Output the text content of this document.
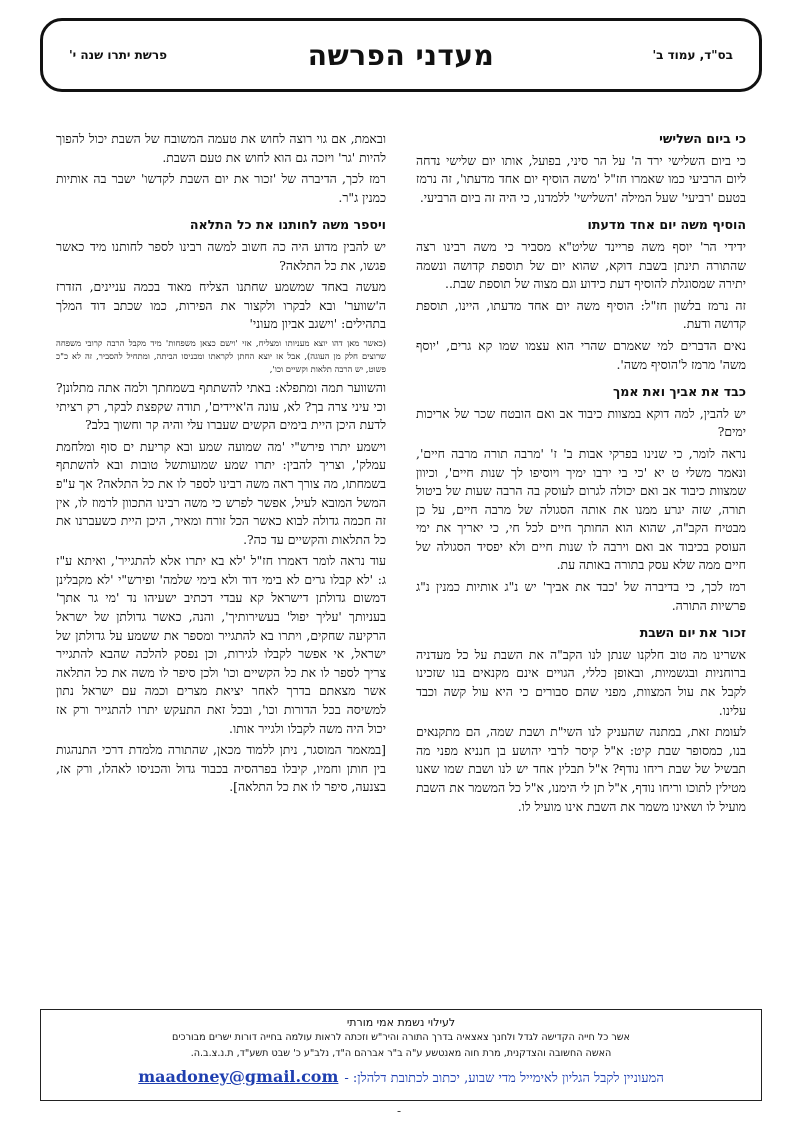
בס"ד, עמוד ב'
מעדני הפרשה
פרשת יתרו שנה י'
כי ביום השלישי

כי ביום השלישי ירד ה' על הר סיני, בפועל, אותו יום שלישי נדחה ליום הרביעי כמו שאמרו חז"ל 'משה הוסיף יום אחד מדעתו', זה נרמז בטעם 'רביעי' שעל המילה 'השלישי' ללמדנו, כי היה זה ביום הרביעי.

הוסיף משה יום אחד מדעתו

ידידי הר' יוסף משה פריינד שליט"א מסביר כי משה רבינו רצה שהתורה תינתן בשבת דוקא, שהוא יום של תוספת קדושה ונשמה יתירה שמסוגלת להוסיף דעת כידוע וגם מצוה של תוספת שבת..

זה נרמז בלשון חז"ל: הוסיף משה יום אחד מדעתו, היינו, תוספת קדושה ודעת.

נאים הדברים למי שאמרם שהרי הוא עצמו שמו קא גרים, 'יוסף משה' מרמז ל'הוסיף משה'.

כבד את אביך ואת אמך

יש להבין, למה דוקא במצוות כיבוד אב ואם הובטח שכר של אריכות ימים?

נראה לומר, כי שנינו בפרקי אבות ב' ז' 'מרבה תורה מרבה חיים', ונאמר משלי ט יא 'כי בי ירבו ימיך ויוסיפו לך שנות חיים', וכיוון שמצוות כיבוד אב ואם יכולה לגרום לעוסק בה הרבה שעות של ביטול תורה, שזה יגרע ממנו את אותה הסגולה של מרבה חיים, על כן מבטיח הקב"ה, שהוא הוא החותך חיים לכל חי, כי יאריך את ימי העוסק בכיבוד אב ואם וירבה לו שנות חיים ולא יפסיד הסגולה של חיים ממה שלא עסק בתורה באותה עת.

רמז לכך, כי בדיברה של 'כבד את אביך' יש נ"ג אותיות כמנין נ"ג פרשיות התורה.

זכור את יום השבת

אשרינו מה טוב חלקנו שנתן לנו הקב"ה את השבת על כל מעדניה ברוחניות ובגשמיות, ובאופן כללי, הגויים אינם מקנאים בנו שזכינו לקבל את עול המצוות, מפני שהם סבורים כי היא עול קשה וכבד עלינו.

לעומת זאת, במתנה שהעניק לנו השי"ת ושבת שמה, הם מתקנאים בנו, כמסופר שבת קיט: א"ל קיסר לרבי יהושע בן חנניא מפני מה תבשיל של שבת ריחו נודף? א"ל תבלין אחד יש לנו ושבת שמו שאנו מטילין לתוכו וריחו נודף, א"ל תן לי הימנו, א"ל כל המשמר את השבת מועיל לו ושאינו משמר את השבת אינו מועיל לו.

ובאמת, אם גוי רוצה לחוש את טעמה המשובח של השבת יכול להפוך להיות 'גר' ויזכה גם הוא לחוש את טעם השבת.

רמז לכך, הדיברה של 'זכור את יום השבת לקדשו' ישבר בה אותיות כמנין ג"ר.

ויספר משה לחותנו את כל התלאה

יש להבין מדוע היה כה חשוב למשה רבינו לספר לחותנו מיד כאשר פגשו, את כל התלאה?

מעשה באחד שמשמע שחתנו הצליח מאוד בכמה עניינים, הזדרז ה'שווער' ובא לבקרו ולקצור את הפירות, כמו שכתב דוד המלך בתהילים: 'וישגב אביון מעוני'

(כאשר מאן דהו יוצא מעניותו ומצליח, אזי 'וישם כצאן משפחות' מיד מקבל הרבה קרובי משפחה שרוצים חלק מן העוגה), אבל אז יוצא החתן לקראתו ומכניסו הביתה, ומתחיל להסביר, זה לא כ"כ פשוט, יש הרבה תלאות וקשיים וכו',

והשווער תמה ומתפלא: באתי להשתתף בשמחתך ולמה אתה מתלונן? וכי עיני צרה בך? לא, עונה ה'איידים', תודה שקפצת לבקר, רק רציתי לדעת היכן היית בימים הקשים שעברו עלי והיה קר וחשוך בלב?

וישמע יתרו פירש"י 'מה שמועה שמע ובא קריעת ים סוף ומלחמת עמלק', וצריך להבין: יתרו שמע שמועותשל טובות ובא להשתתף בשמחתו, מה צורך ראה משה רבינו לספר לו את כל התלאה? אך ע"פ המשל המובא לעיל, אפשר לפרש כי משה רבינו התכוון לרמוז לו, אין זה חכמה גדולה לבוא כאשר הכל זורח ומאיר, היכן היית כשעברנו את כל התלאות והקשיים עד כה?.

עוד נראה לומר דאמרו חז"ל 'לא בא יתרו אלא להתגייר', ואיתא ע"ז ג: 'לא קבלו גרים לא בימי דוד ולא בימי שלמה' ופירש"י 'לא מקבלינן דמשום גדולתן דישראל קא עבדי דכתיב ישעיהו נד 'מי גר אתך' בעניותך 'עליך יפול' בעשירותיך', והנה, כאשר גדולתן של ישראל הרקיעה שחקים, ויתרו בא להתגייר ומספר את ששמע על גדולתן של ישראל, אי אפשר לקבלו לגירות, וכן נפסק להלכה שהבא להתגייר צריך לספר לו את כל הקשיים וכו' ולכן סיפר לו משה את כל התלאה אשר מצאתם בדרך לאחר יציאת מצרים וכמה עם ישראל נתון למשיסה בכל הדורות וכו', ובכל זאת התעקש יתרו להתגייר ורק אז יכול היה משה לקבלו ולגייר אותו.

[במאמר המוסגר, ניתן ללמוד מכאן, שהתורה מלמדת דרכי התנהגות בין חותן וחמיו, קיבלו בפרהסיה בכבוד גדול והכניסו לאהלו, ורק אז, בצנעה, סיפר לו את כל התלאה].

לעילוי נשמת אמי מורתי
אשר כל חייה הקדישה לגדל ולחנך צאצאיה בדרך התורה והיר"ש וזכתה לראות עולמה בחייה דורות ישרים מבורכים
האשה החשובה והצדקנית, מרת חוה מאנטשע ע"ה ב"ר אברהם ה"ד, נלב"ע כ' שבט תשע"ד, ת.נ.צ.ב.ה.
המעוניין לקבל הגליון לאימייל מדי שבוע, יכתוב לכתובת דלהלן: -
maadoney@gmail.com
-
